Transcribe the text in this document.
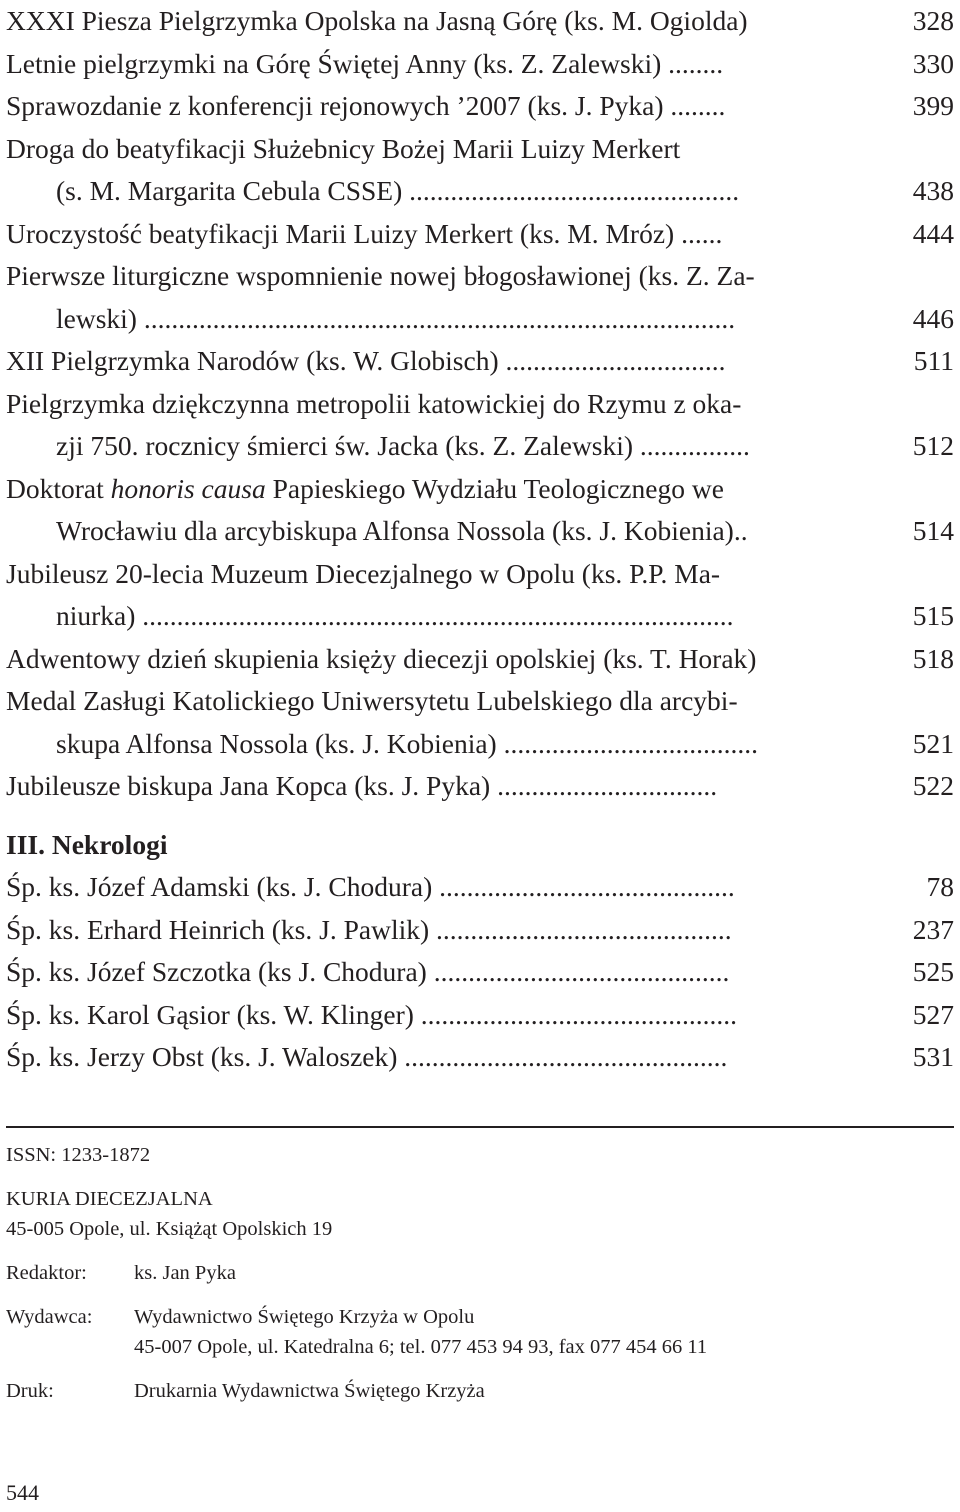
XXXI Piesza Pielgrzymka Opolska na Jasną Górę (ks. M. Ogiolda)	328
Letnie pielgrzymki na Górę Świętej Anny (ks. Z. Zalewski) ........	330
Sprawozdanie z konferencji rejonowych ’2007 (ks. J. Pyka) ........	399
Droga do beatyfikacji Służebnicy Bożej Marii Luizy Merkert
(s. M. Margarita Cebula CSSE) ................................................	438
Uroczystość beatyfikacji Marii Luizy Merkert (ks. M. Mróz) ......	444
Pierwsze liturgiczne wspomnienie nowej błogosławionej (ks. Z. Za-
lewski) ......................................................................................	446
XII Pielgrzymka Narodów (ks. W. Globisch) ................................	511
Pielgrzymka dziękczynna metropolii katowickiej do Rzymu z oka-
zji 750. rocznicy śmierci św. Jacka (ks. Z. Zalewski) ................	512
Doktorat honoris causa Papieskiego Wydziału Teologicznego we
Wrocławiu dla arcybiskupa Alfonsa Nossola (ks. J. Kobienia)..	514
Jubileusz 20-lecia Muzeum Diecezjalnego w Opolu (ks. P.P. Ma-
niurka) ......................................................................................	515
Adwentowy dzień skupienia księży diecezji opolskiej (ks. T. Horak)	518
Medal Zasługi Katolickiego Uniwersytetu Lubelskiego dla arcybi-
skupa Alfonsa Nossola (ks. J. Kobienia) .....................................	521
Jubileusze biskupa Jana Kopca (ks. J. Pyka) ................................	522
III. Nekrologi
Śp. ks. Józef Adamski (ks. J. Chodura) ...........................................	78
Śp. ks. Erhard Heinrich (ks. J. Pawlik) ...........................................	237
Śp. ks. Józef Szczotka (ks J. Chodura) ...........................................	525
Śp. ks. Karol Gąsior (ks. W. Klinger) ..............................................	527
Śp. ks. Jerzy Obst (ks. J. Waloszek) ...............................................	531
ISSN: 1233-1872
KURIA DIECEZJALNA
45-005 Opole, ul. Książąt Opolskich 19
Redaktor:	ks. Jan Pyka
Wydawca:	Wydawnictwo Świętego Krzyża w Opolu
45-007 Opole, ul. Katedralna 6; tel. 077 453 94 93, fax 077 454 66 11
Druk:	Drukarnia Wydawnictwa Świętego Krzyża
544
